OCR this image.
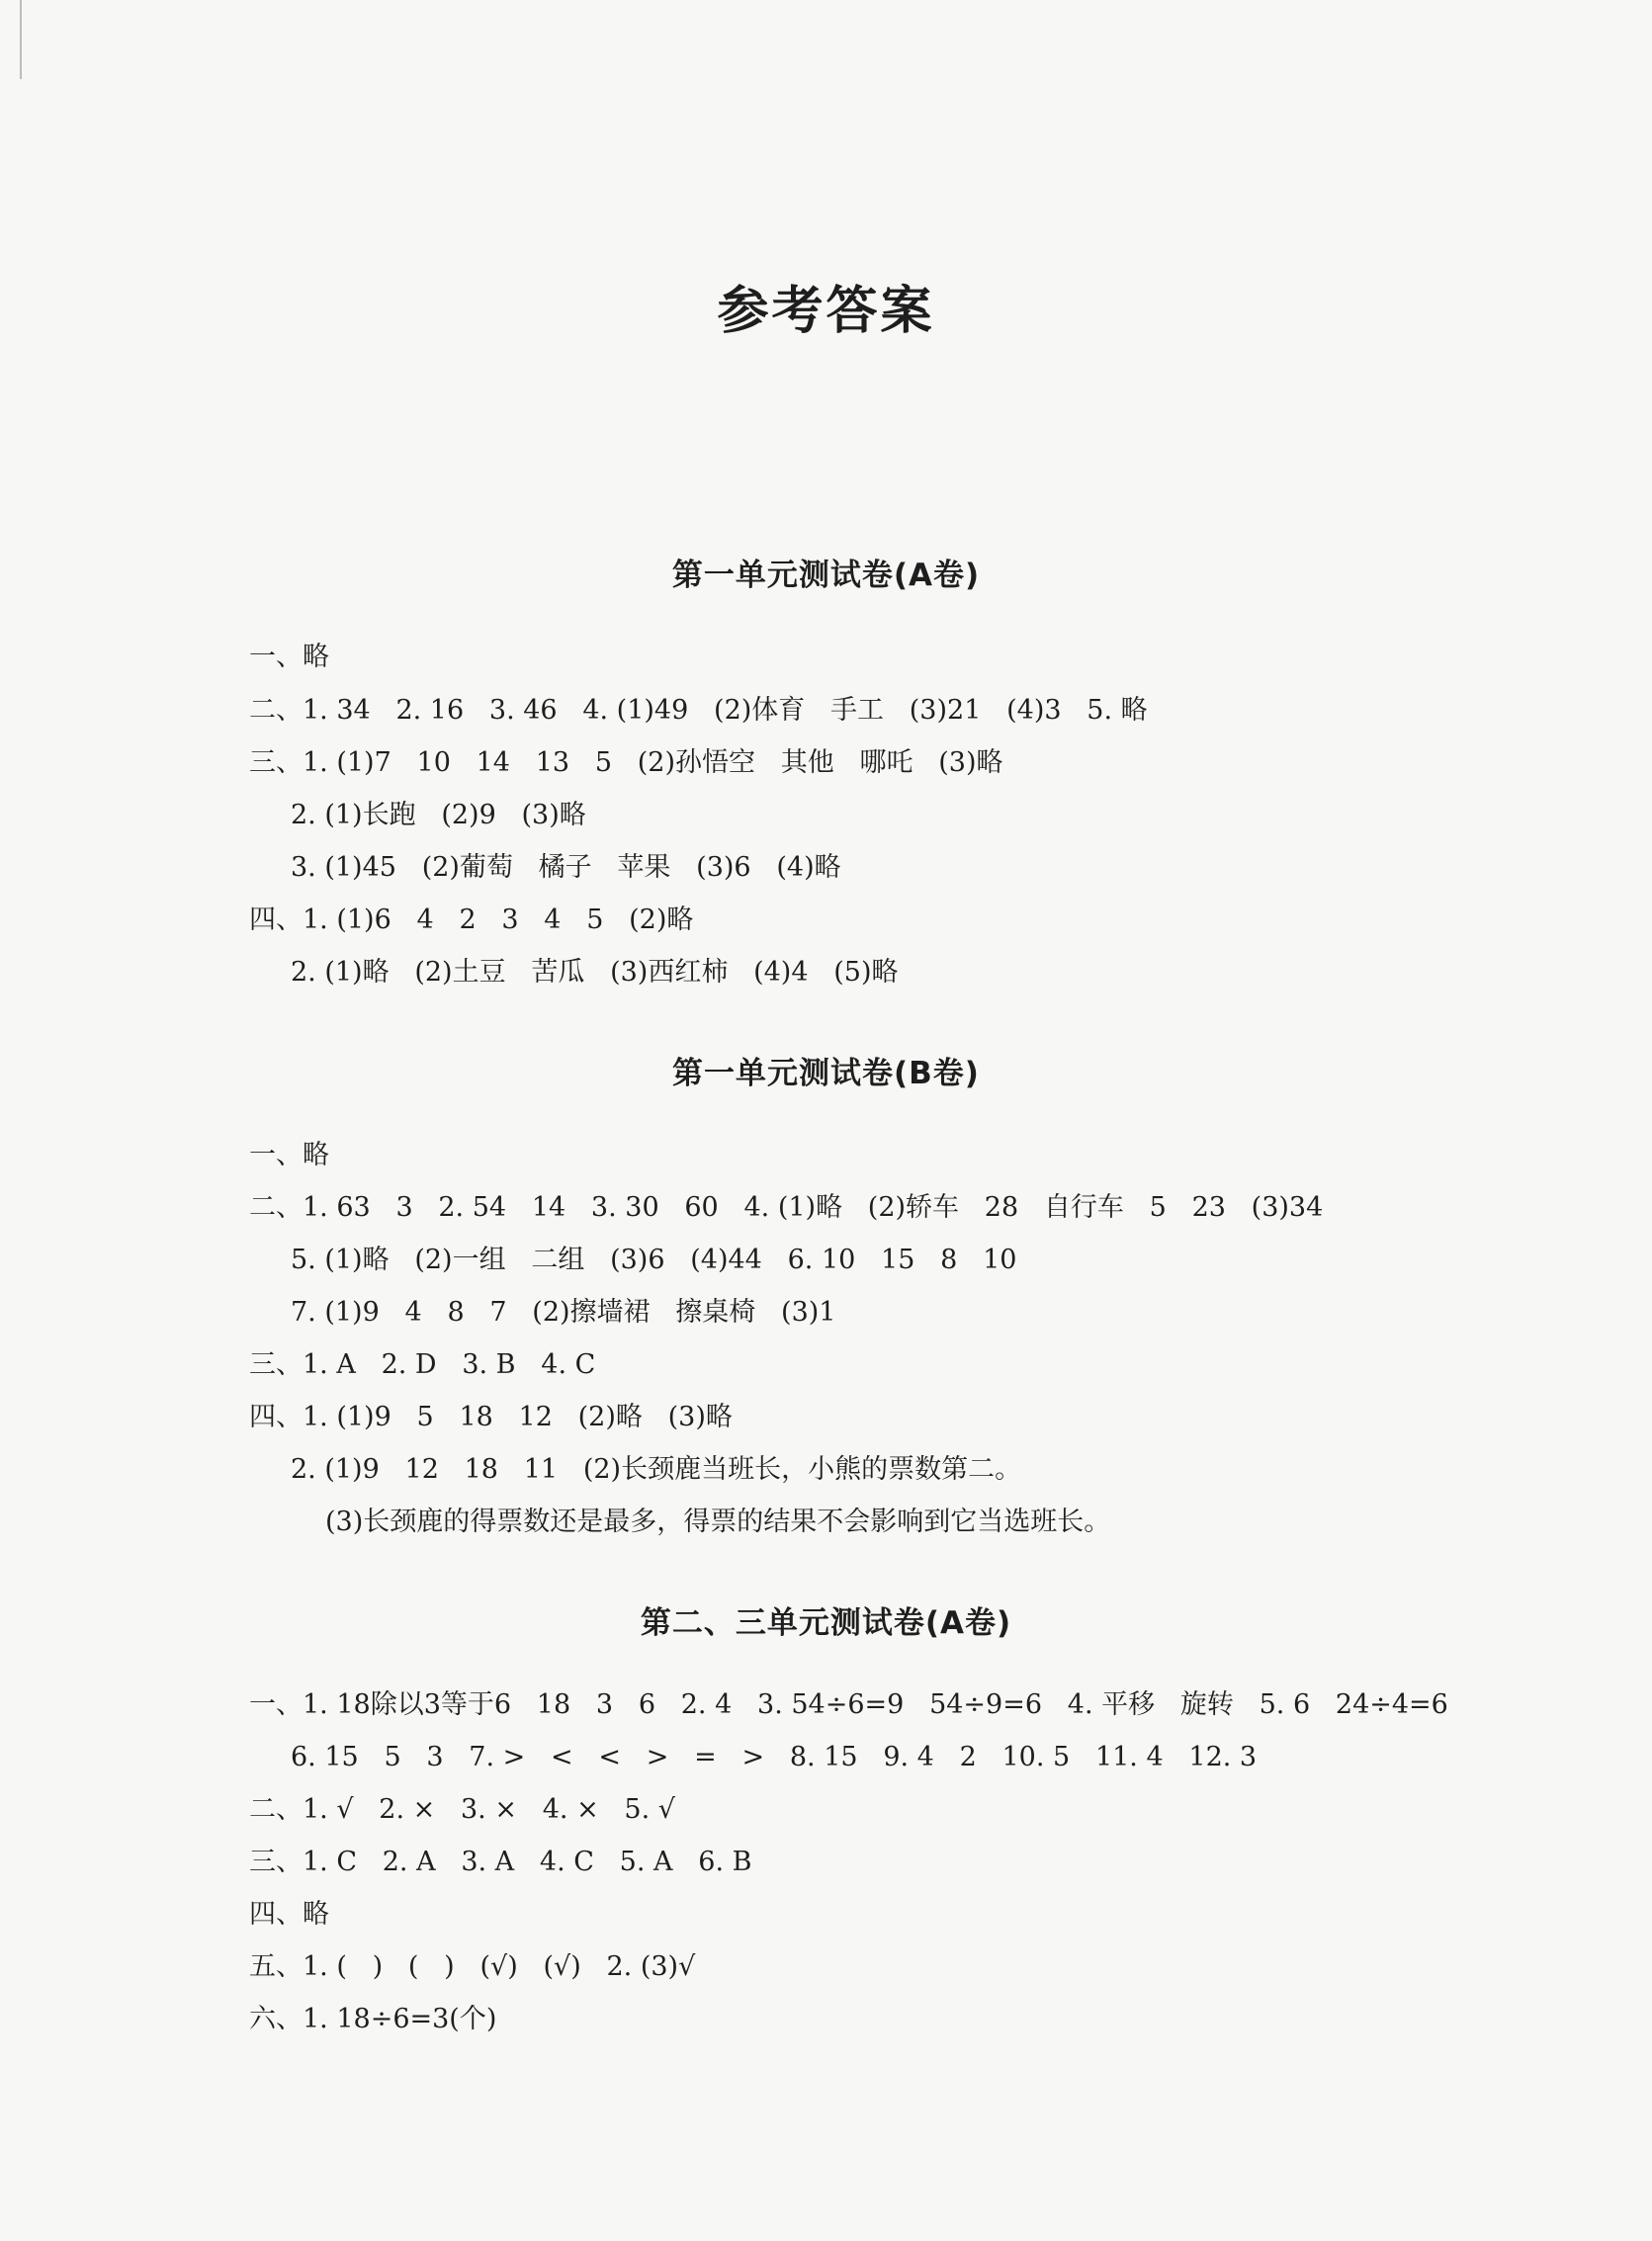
参考答案
第一单元测试卷(A卷)
一、略
二、1. 34   2. 16   3. 46   4. (1)49   (2)体育   手工   (3)21   (4)3   5. 略
三、1. (1)7   10   14   13   5   (2)孙悟空   其他   哪吒   (3)略
2. (1)长跑   (2)9   (3)略
3. (1)45   (2)葡萄   橘子   苹果   (3)6   (4)略
四、1. (1)6   4   2   3   4   5   (2)略
2. (1)略   (2)土豆   苦瓜   (3)西红柿   (4)4   (5)略
第一单元测试卷(B卷)
一、略
二、1. 63   3   2. 54   14   3. 30   60   4. (1)略   (2)轿车   28   自行车   5   23   (3)34
5. (1)略   (2)一组   二组   (3)6   (4)44   6. 10   15   8   10
7. (1)9   4   8   7   (2)擦墙裙   擦桌椅   (3)1
三、1. A   2. D   3. B   4. C
四、1. (1)9   5   18   12   (2)略   (3)略
2. (1)9   12   18   11   (2)长颈鹿当班长，小熊的票数第二。
(3)长颈鹿的得票数还是最多，得票的结果不会影响到它当选班长。
第二、三单元测试卷(A卷)
一、1. 18除以3等于6   18   3   6   2. 4   3. 54÷6=9   54÷9=6   4. 平移   旋转   5. 6   24÷4=6
6. 15   5   3   7. >   <   <   >   =   >   8. 15   9. 4   2   10. 5   11. 4   12. 3
二、1. √   2. ×   3. ×   4. ×   5. √
三、1. C   2. A   3. A   4. C   5. A   6. B
四、略
五、1. (   )   (   )   (√)   (√)   2. (3)√
六、1. 18÷6=3(个)
